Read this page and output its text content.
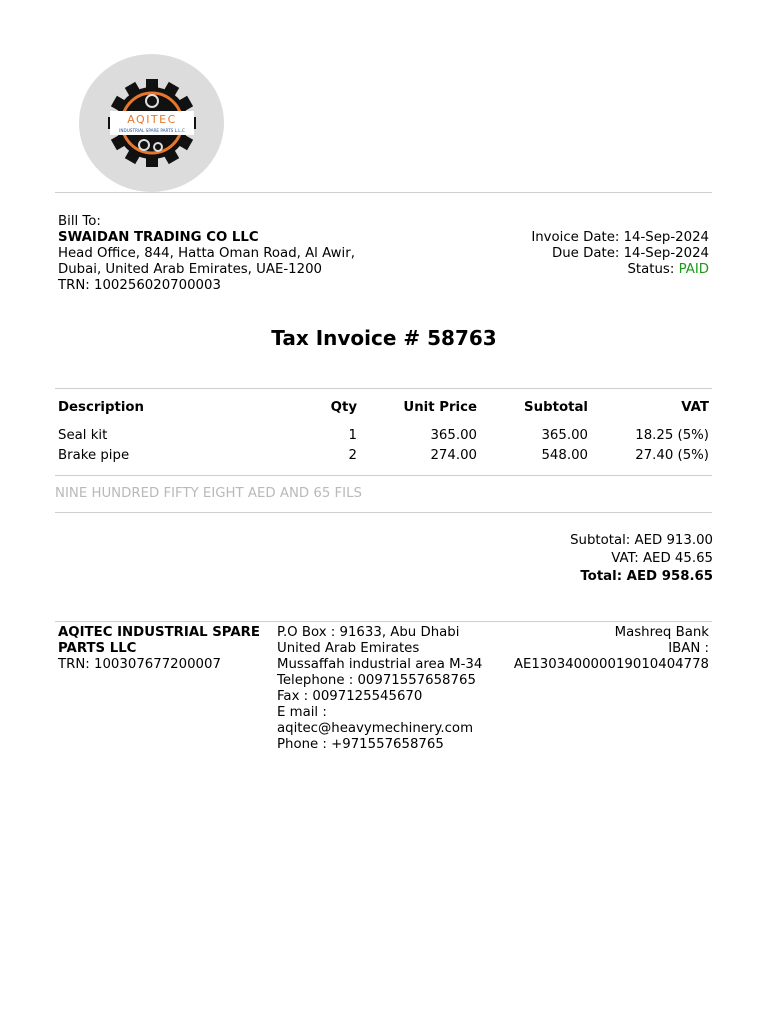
AQITEC
INDUSTRIAL SPARE PARTS L.L.C
Bill To:
SWAIDAN TRADING CO LLC
Head Office, 844, Hatta Oman Road, Al Awir,
Dubai, United Arab Emirates, UAE-1200
TRN: 100256020700003
Invoice Date: 14-Sep-2024
Due Date: 14-Sep-2024
Status: PAID
Tax Invoice # 58763
Description	Qty	Unit Price	Subtotal	VAT
Seal kit	1	365.00	365.00	18.25 (5%)
Brake pipe	2	274.00	548.00	27.40 (5%)
NINE HUNDRED FIFTY EIGHT AED AND 65 FILS
Subtotal: AED 913.00
VAT: AED 45.65
Total: AED 958.65
AQITEC INDUSTRIAL SPARE
PARTS LLC
TRN: 100307677200007
P.O Box : 91633, Abu Dhabi
United Arab Emirates
Mussaffah industrial area M-34
Telephone : 00971557658765
Fax : 0097125545670
E mail :
aqitec@heavymechinery.com
Phone : +971557658765
Mashreq Bank
IBAN :
AE130340000019010404778
